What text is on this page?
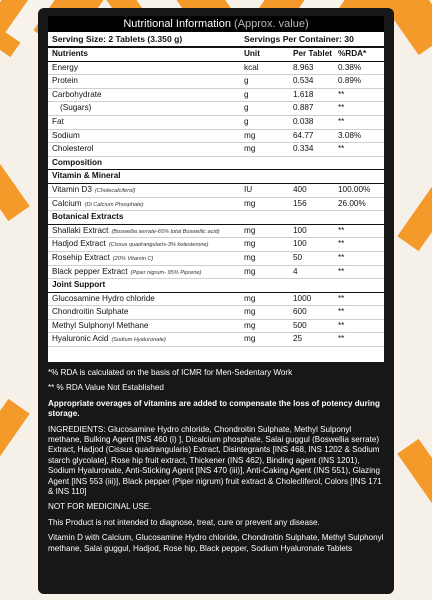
Nutritional Information (Approx. value)
Serving Size: 2 Tablets (3.350 g)	Servings Per Container: 30
Nutrients	Unit	Per Tablet %RDA*
Energy	kcal	8.963	0.38%
Protein	g	0.534	0.89%
Carbohydrate	g	1.618	**
(Sugars)	g	0.887	**
Fat	g	0.038	**
Sodium	mg	64.77	3.08%
Cholesterol	mg	0.334	**
Composition
Vitamin & Mineral
Vitamin D3 (Cholecalciferol)	IU	400	100.00%
Calcium (Di Calcium Phosphate)	mg	156	26.00%
Botanical Extracts
Shallaki Extract (Boswellia serrate-65% total Boswellic acid)	mg	100	**
Hadjod Extract (Cissus quadrangularis-3% ketesterone)	mg	100	**
Rosehip Extract (20% Vitamin C)	mg	50	**
Black pepper Extract (Piper nigrum- 95% Piprene)	mg	4	**
Joint Support
Glucosamine Hydro chloride	mg	1000	**
Chondroitin Sulphate	mg	600	**
Methyl Sulphonyl Methane	mg	500	**
Hyaluronic Acid (Sodium Hyaluronate)	mg	25	**

*% RDA is calculated on the basis of ICMR for Men-Sedentary Work

** % RDA Value Not Established

Appropriate overages of vitamins are added to compensate the loss of potency during storage.

INGREDIENTS: Glucosamine Hydro chloride, Chondroitin Sulphate, Methyl Sulponyl methane, Bulking Agent [INS 460 (i) ], Dicalcium phosphate, Salai guggul (Boswellia serrate) Extract, Hadjod (Cissus quadrangularis) Extract, Disintegrants [INS 468, INS 1202 & Sodium starch glycolate], Rose hip fruit extract, Thickener (INS 462), Binding agent (INS 1201), Sodium Hyaluronate, Anti-Sticking Agent [INS 470 (iii)], Anti-Caking Agent (INS 551), Glazing Agent [INS 553 (iii)], Black pepper (Piper nigrum) fruit extract & Cholecliferol, Colors [INS 171 & INS 110]

NOT FOR MEDICINAL USE.

This Product is not intended to diagnose, treat, cure or prevent any disease.

Vitamin D with Calcium, Glucosamine Hydro chloride, Chondroitin Sulphate, Methyl Sulphonyl methane, Salai guggul, Hadjod, Rose hip, Black pepper, Sodium Hyaluronate Tablets
